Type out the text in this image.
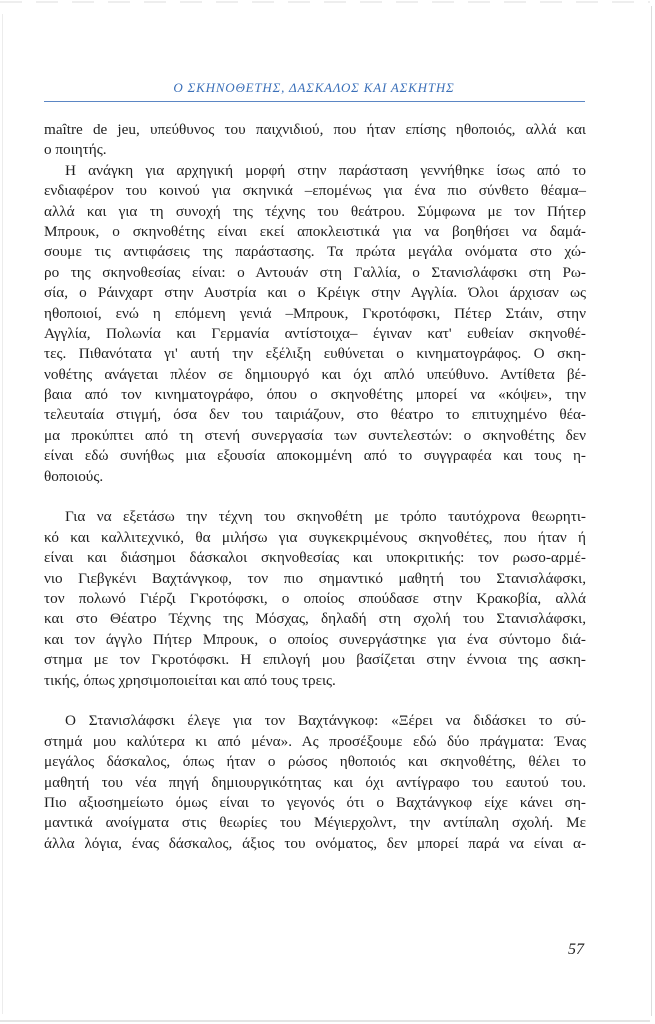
Ο ΣΚΗΝΟΘΕΤΗΣ, ΔΑΣΚΑΛΟΣ ΚΑΙ ΑΣΚΗΤΗΣ
maître de jeu, υπεύθυνος του παιχνιδιού, που ήταν επίσης ηθοποιός, αλλά και
ο ποιητής.
Η ανάγκη για αρχηγική μορφή στην παράσταση γεννήθηκε ίσως από το
ενδιαφέρον του κοινού για σκηνικά –επομένως για ένα πιο σύνθετο θέαμα–
αλλά και για τη συνοχή της τέχνης του θεάτρου. Σύμφωνα με τον Πήτερ
Μπρουκ, ο σκηνοθέτης είναι εκεί αποκλειστικά για να βοηθήσει να δαμά-
σουμε τις αντιφάσεις της παράστασης. Τα πρώτα μεγάλα ονόματα στο χώ-
ρο της σκηνοθεσίας είναι: ο Αντουάν στη Γαλλία, ο Στανισλάφσκι στη Ρω-
σία, ο Ράινχαρτ στην Αυστρία και ο Κρέιγκ στην Αγγλία. Όλοι άρχισαν ως
ηθοποιοί, ενώ η επόμενη γενιά –Μπρουκ, Γκροτόφσκι, Πέτερ Στάιν, στην
Αγγλία, Πολωνία και Γερμανία αντίστοιχα– έγιναν κατ' ευθείαν σκηνοθέ-
τες. Πιθανότατα γι' αυτή την εξέλιξη ευθύνεται ο κινηματογράφος. Ο σκη-
νοθέτης ανάγεται πλέον σε δημιουργό και όχι απλό υπεύθυνο. Αντίθετα βέ-
βαια από τον κινηματογράφο, όπου ο σκηνοθέτης μπορεί να «κόψει», την
τελευταία στιγμή, όσα δεν του ταιριάζουν, στο θέατρο το επιτυχημένο θέα-
μα προκύπτει από τη στενή συνεργασία των συντελεστών: ο σκηνοθέτης δεν
είναι εδώ συνήθως μια εξουσία αποκομμένη από το συγγραφέα και τους η-
θοποιούς.
Για να εξετάσω την τέχνη του σκηνοθέτη με τρόπο ταυτόχρονα θεωρητι-
κό και καλλιτεχνικό, θα μιλήσω για συγκεκριμένους σκηνοθέτες, που ήταν ή
είναι και διάσημοι δάσκαλοι σκηνοθεσίας και υποκριτικής: τον ρωσο-αρμέ-
νιο Γιεβγκένι Βαχτάνγκοφ, τον πιο σημαντικό μαθητή του Στανισλάφσκι,
τον πολωνό Γιέρζι Γκροτόφσκι, ο οποίος σπούδασε στην Κρακοβία, αλλά
και στο Θέατρο Τέχνης της Μόσχας, δηλαδή στη σχολή του Στανισλάφσκι,
και τον άγγλο Πήτερ Μπρουκ, ο οποίος συνεργάστηκε για ένα σύντομο διά-
στημα με τον Γκροτόφσκι. Η επιλογή μου βασίζεται στην έννοια της ασκη-
τικής, όπως χρησιμοποιείται και από τους τρεις.
Ο Στανισλάφσκι έλεγε για τον Βαχτάνγκοφ: «Ξέρει να διδάσκει το σύ-
στημά μου καλύτερα κι από μένα». Ας προσέξουμε εδώ δύο πράγματα: Ένας
μεγάλος δάσκαλος, όπως ήταν ο ρώσος ηθοποιός και σκηνοθέτης, θέλει το
μαθητή του νέα πηγή δημιουργικότητας και όχι αντίγραφο του εαυτού του.
Πιο αξιοσημείωτο όμως είναι το γεγονός ότι ο Βαχτάνγκοφ είχε κάνει ση-
μαντικά ανοίγματα στις θεωρίες του Μέγιερχολντ, την αντίπαλη σχολή. Με
άλλα λόγια, ένας δάσκαλος, άξιος του ονόματος, δεν μπορεί παρά να είναι α-
57
